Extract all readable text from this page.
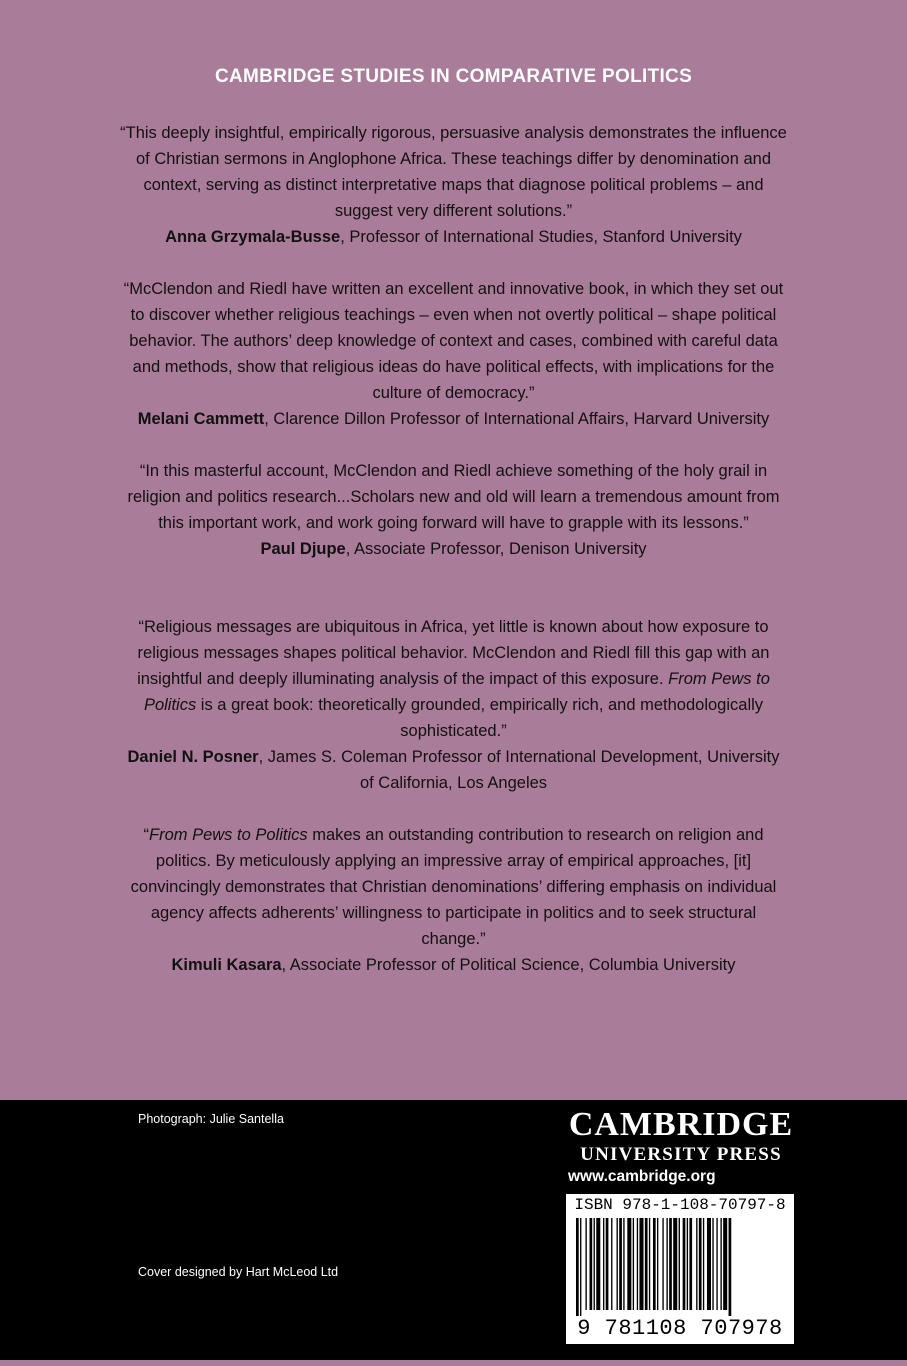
CAMBRIDGE STUDIES IN COMPARATIVE POLITICS
“This deeply insightful, empirically rigorous, persuasive analysis demonstrates the influence of Christian sermons in Anglophone Africa. These teachings differ by denomination and context, serving as distinct interpretative maps that diagnose political problems – and suggest very different solutions.”
Anna Grzymala-Busse, Professor of International Studies, Stanford University
“McClendon and Riedl have written an excellent and innovative book, in which they set out to discover whether religious teachings – even when not overtly political – shape political behavior. The authors’ deep knowledge of context and cases, combined with careful data and methods, show that religious ideas do have political effects, with implications for the culture of democracy.”
Melani Cammett, Clarence Dillon Professor of International Affairs, Harvard University
“In this masterful account, McClendon and Riedl achieve something of the holy grail in religion and politics research...Scholars new and old will learn a tremendous amount from this important work, and work going forward will have to grapple with its lessons.”
Paul Djupe, Associate Professor, Denison University
“Religious messages are ubiquitous in Africa, yet little is known about how exposure to religious messages shapes political behavior. McClendon and Riedl fill this gap with an insightful and deeply illuminating analysis of the impact of this exposure. From Pews to Politics is a great book: theoretically grounded, empirically rich, and methodologically sophisticated.”
Daniel N. Posner, James S. Coleman Professor of International Development, University of California, Los Angeles
“From Pews to Politics makes an outstanding contribution to research on religion and politics. By meticulously applying an impressive array of empirical approaches, [it] convincingly demonstrates that Christian denominations’ differing emphasis on individual agency affects adherents’ willingness to participate in politics and to seek structural change.”
Kimuli Kasara, Associate Professor of Political Science, Columbia University
Photograph: Julie Santella
Cover designed by Hart McLeod Ltd
CAMBRIDGE
UNIVERSITY PRESS
www.cambridge.org
ISBN 978-1-108-70797-8
9 781108 707978 >
